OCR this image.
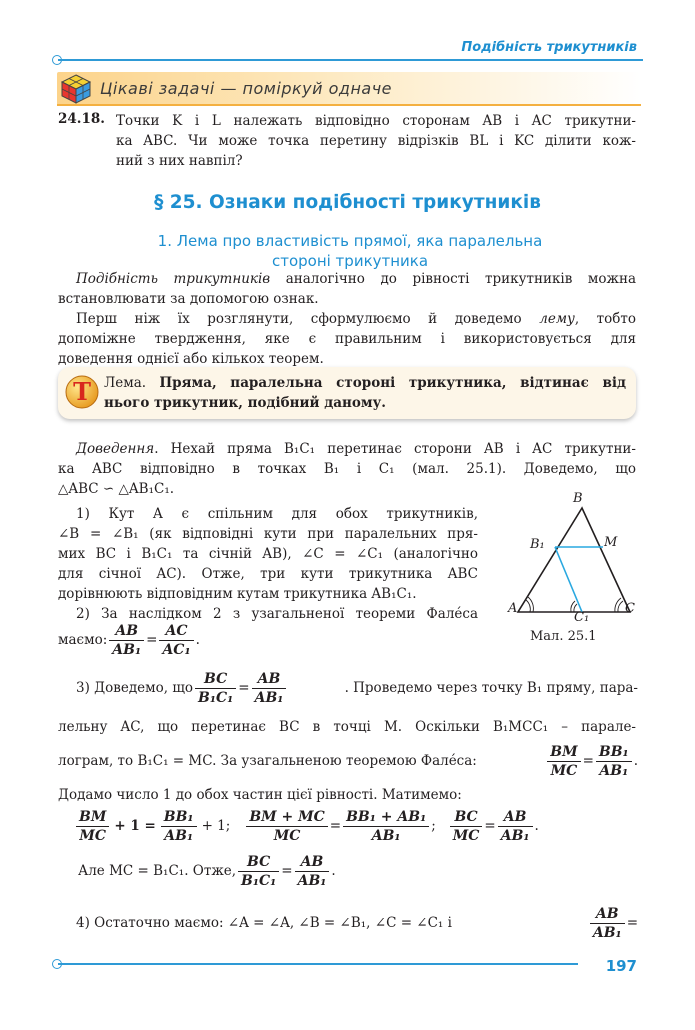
Подібність трикутників
Цікаві задачі — поміркуй одначе
24.18. Точки K і L належать відповідно сторонам AB і AC трикутни-
ка ABC. Чи може точка перетину відрізків BL і KC ділити кож-
ний з них навпіл?
§ 25. Ознаки подібності трикутників
1. Лема про властивість прямої, яка паралельна
стороні трикутника
Подібність трикутників аналогічно до рівності трикутників можна
встановлювати за допомогою ознак.
Перш ніж їх розглянути, сформулюємо й доведемо лему, тобто
допоміжне твердження, яке є правильним і використовується для
доведення однієї або кількох теорем.
Т Лема. Пряма, паралельна стороні трикутника, відтинає від
нього трикутник, подібний даному.
Доведення. Нехай пряма B₁C₁ перетинає сторони AB і AC трикутни-
ка ABC відповідно в точках B₁ і C₁ (мал. 25.1). Доведемо, що
△ABC ∽ △AB₁C₁.
1) Кут A є спільним для обох трикутників,
∠B = ∠B₁ (як відповідні кути при паралельних пря-
мих BC і B₁C₁ та січній AB), ∠C = ∠C₁ (аналогічно
для січної AC). Отже, три кути трикутника ABC
дорівнюють відповідним кутам трикутника AB₁C₁.
2) За наслідком 2 з узагальненої теореми Фалéса
маємо: $\frac{AB}{\text{AB₁}} = \frac{AC}{\text{AC₁}}$ .
B
B₁	M
A
C₁
C
Мал. 25.1
3) Доведемо, що $\frac{BC}{\text{B₁C₁}} = \frac{AB}{\text{AB₁}}$	. Проведемо через точку B₁ пряму, пара-
лельну AC, що перетинає BC в точці M. Оскільки B₁MCC₁ – парале-
лограм, то B₁C₁ = MC. За узагальненою теоремою Фалéса:	$\frac{BM}{MC} = \frac{\text{BB₁}}{\text{AB₁}}$ .
Додамо число 1 до обох частин цієї рівності. Матимемо:
$\frac{BM}{MC} + 1 = \frac{\text{BB₁}}{\text{AB₁}} + 1$; $\frac{BM + MC}{MC} = \frac{\text{BB₁ + AB₁}}{\text{AB₁}}$ ; $\frac{BC}{MC} = \frac{AB}{\text{AB₁}}$ .
Але MC = B₁C₁. Отже, $\frac{BC}{\text{B₁C₁}} = \frac{AB}{\text{AB₁}}$ .
4) Остаточно маємо: ∠A = ∠A, ∠B = ∠B₁, ∠C = ∠C₁ і	$\frac{AB}{\text{AB₁}}$ =
197
